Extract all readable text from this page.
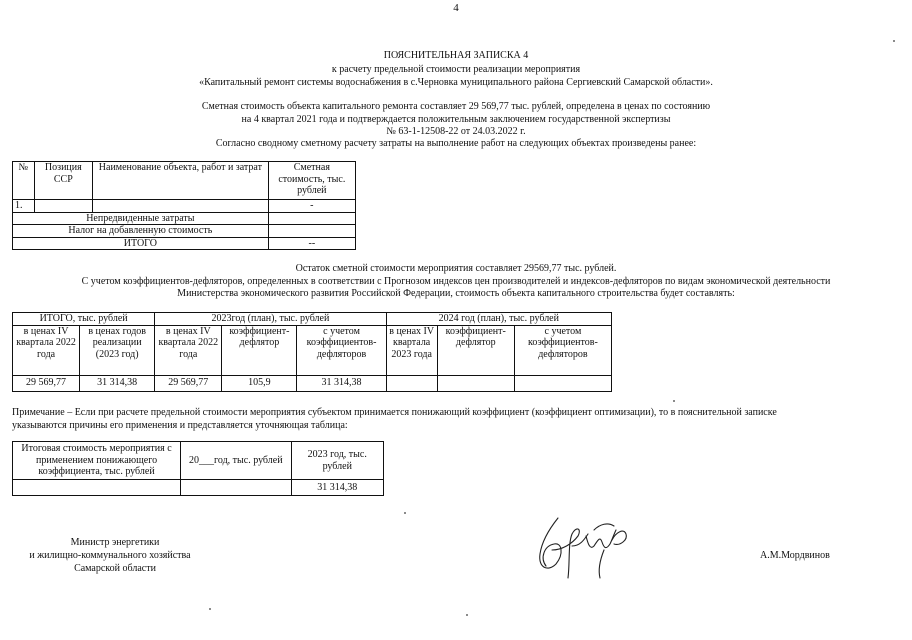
4
ПОЯСНИТЕЛЬНАЯ ЗАПИСКА 4
к расчету предельной стоимости реализации мероприятия
«Капитальный ремонт системы водоснабжения в с.Черновка муниципального района Сергиевский Самарской области».
Сметная стоимость объекта капитального ремонта составляет 29 569,77 тыс. рублей, определена в ценах по состоянию
на 4 квартал 2021 года и подтверждается положительным заключением государственной экспертизы
№ 63-1-12508-22 от 24.03.2022 г.
Согласно сводному сметному расчету затраты на выполнение работ на следующих объектах произведены ранее:
№	Позиция ССР	Наименование объекта, работ и затрат	Сметная стоимость, тыс. рублей
1.			-
Непредвиденные затраты			
Налог на добавленную стоимость			
ИТОГО			--
Остаток сметной стоимости мероприятия составляет 29569,77 тыс. рублей.
С учетом коэффициентов-дефляторов, определенных в соответствии с Прогнозом индексов цен производителей и индексов-дефляторов по видам экономической деятельности
Министерства экономического развития Российской Федерации, стоимость объекта капитального строительства будет составлять:
ИТОГО, тыс. рублей		2023год (план), тыс. рублей			2024 год (план), тыс. рублей		
в ценах IV квартала 2022 года	в ценах годов реализации (2023 год)	в ценах IV квартала 2022 года	коэффициент-дефлятор	с учетом коэффициентов-дефляторов	в ценах IV квартала 2023 года	коэффициент-дефлятор	с учетом коэффициентов-дефляторов
29 569,77	31 314,38	29 569,77	105,9	31 314,38			
Примечание – Если при расчете предельной стоимости мероприятия субъектом принимается понижающий коэффициент (коэффициент оптимизации), то в пояснительной записке
указываются причины его применения и представляется уточняющая таблица:
Итоговая стоимость мероприятия с применением понижающего коэффициента, тыс. рублей	20___год, тыс. рублей	2023 год, тыс. рублей
		31 314,38
Министр энергетики
и жилищно-коммунального хозяйства
Самарской области
А.М.Мордвинов
